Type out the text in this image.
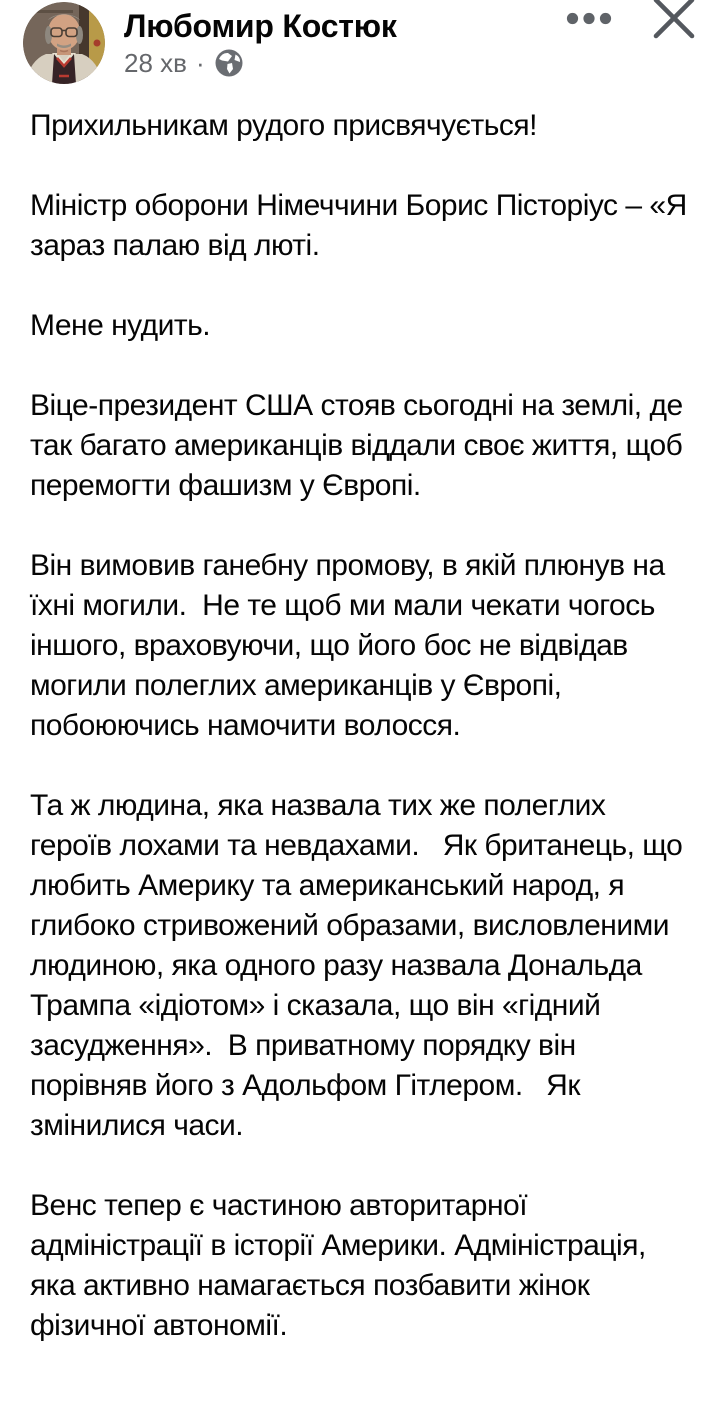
Любомир Костюк
28 хв ·

Прихильникам рудого присвячується!

Міністр оборони Німеччини Борис Пісторіус – «Я зараз палаю від люті.

Мене нудить.

Віце-президент США стояв сьогодні на землі, де так багато американців віддали своє життя, щоб перемогти фашизм у Європі.

Він вимовив ганебну промову, в якій плюнув на їхні могили.  Не те щоб ми мали чекати чогось іншого, враховуючи, що його бос не відвідав могили полеглих американців у Європі, побоюючись намочити волосся.

Та ж людина, яка назвала тих же полеглих героїв лохами та невдахами.   Як британець, що любить Америку та американський народ, я глибоко стривожений образами, висловленими людиною, яка одного разу назвала Дональда Трампа «ідіотом» і сказала, що він «гідний засудження».  В приватному порядку він порівняв його з Адольфом Гітлером.   Як змінилися часи.

Венс тепер є частиною авторитарної адміністрації в історії Америки. Адміністрація, яка активно намагається позбавити жінок фізичної автономії.
